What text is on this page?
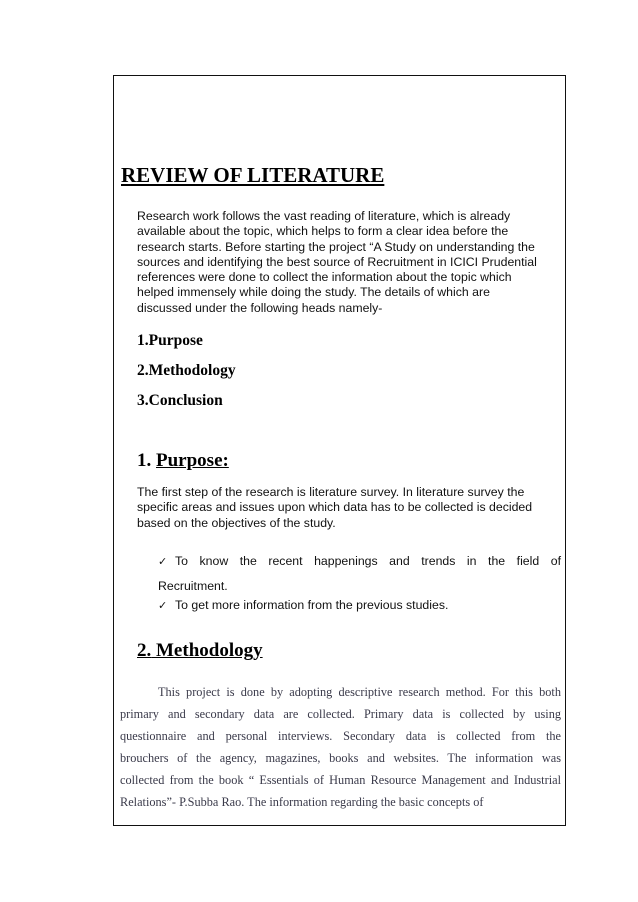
REVIEW OF LITERATURE

Research work follows the vast reading of literature, which is already
available about the topic, which helps to form a clear idea before the
research starts. Before starting the project “A Study on understanding the
sources and identifying the best source of Recruitment in ICICI Prudential
references were done to collect the information about the topic which
helped immensely while doing the study. The details of which are
discussed under the following heads namely-

1.Purpose
2.Methodology
3.Conclusion
1. Purpose:

The first step of the research is literature survey. In literature survey the
specific areas and issues upon which data has to be collected is decided
based on the objectives of the study.

✓ To know the recent happenings and trends in the field of
Recruitment.
✓ To get more information from the previous studies.
2. Methodology

This project is done by adopting descriptive research method. For this both
primary and secondary data are collected. Primary data is collected by using
questionnaire and personal interviews. Secondary data is collected from the
brouchers of the agency, magazines, books and websites. The information was
collected from the book “ Essentials of Human Resource Management and Industrial
Relations”- P.Subba Rao. The information regarding the basic concepts of
